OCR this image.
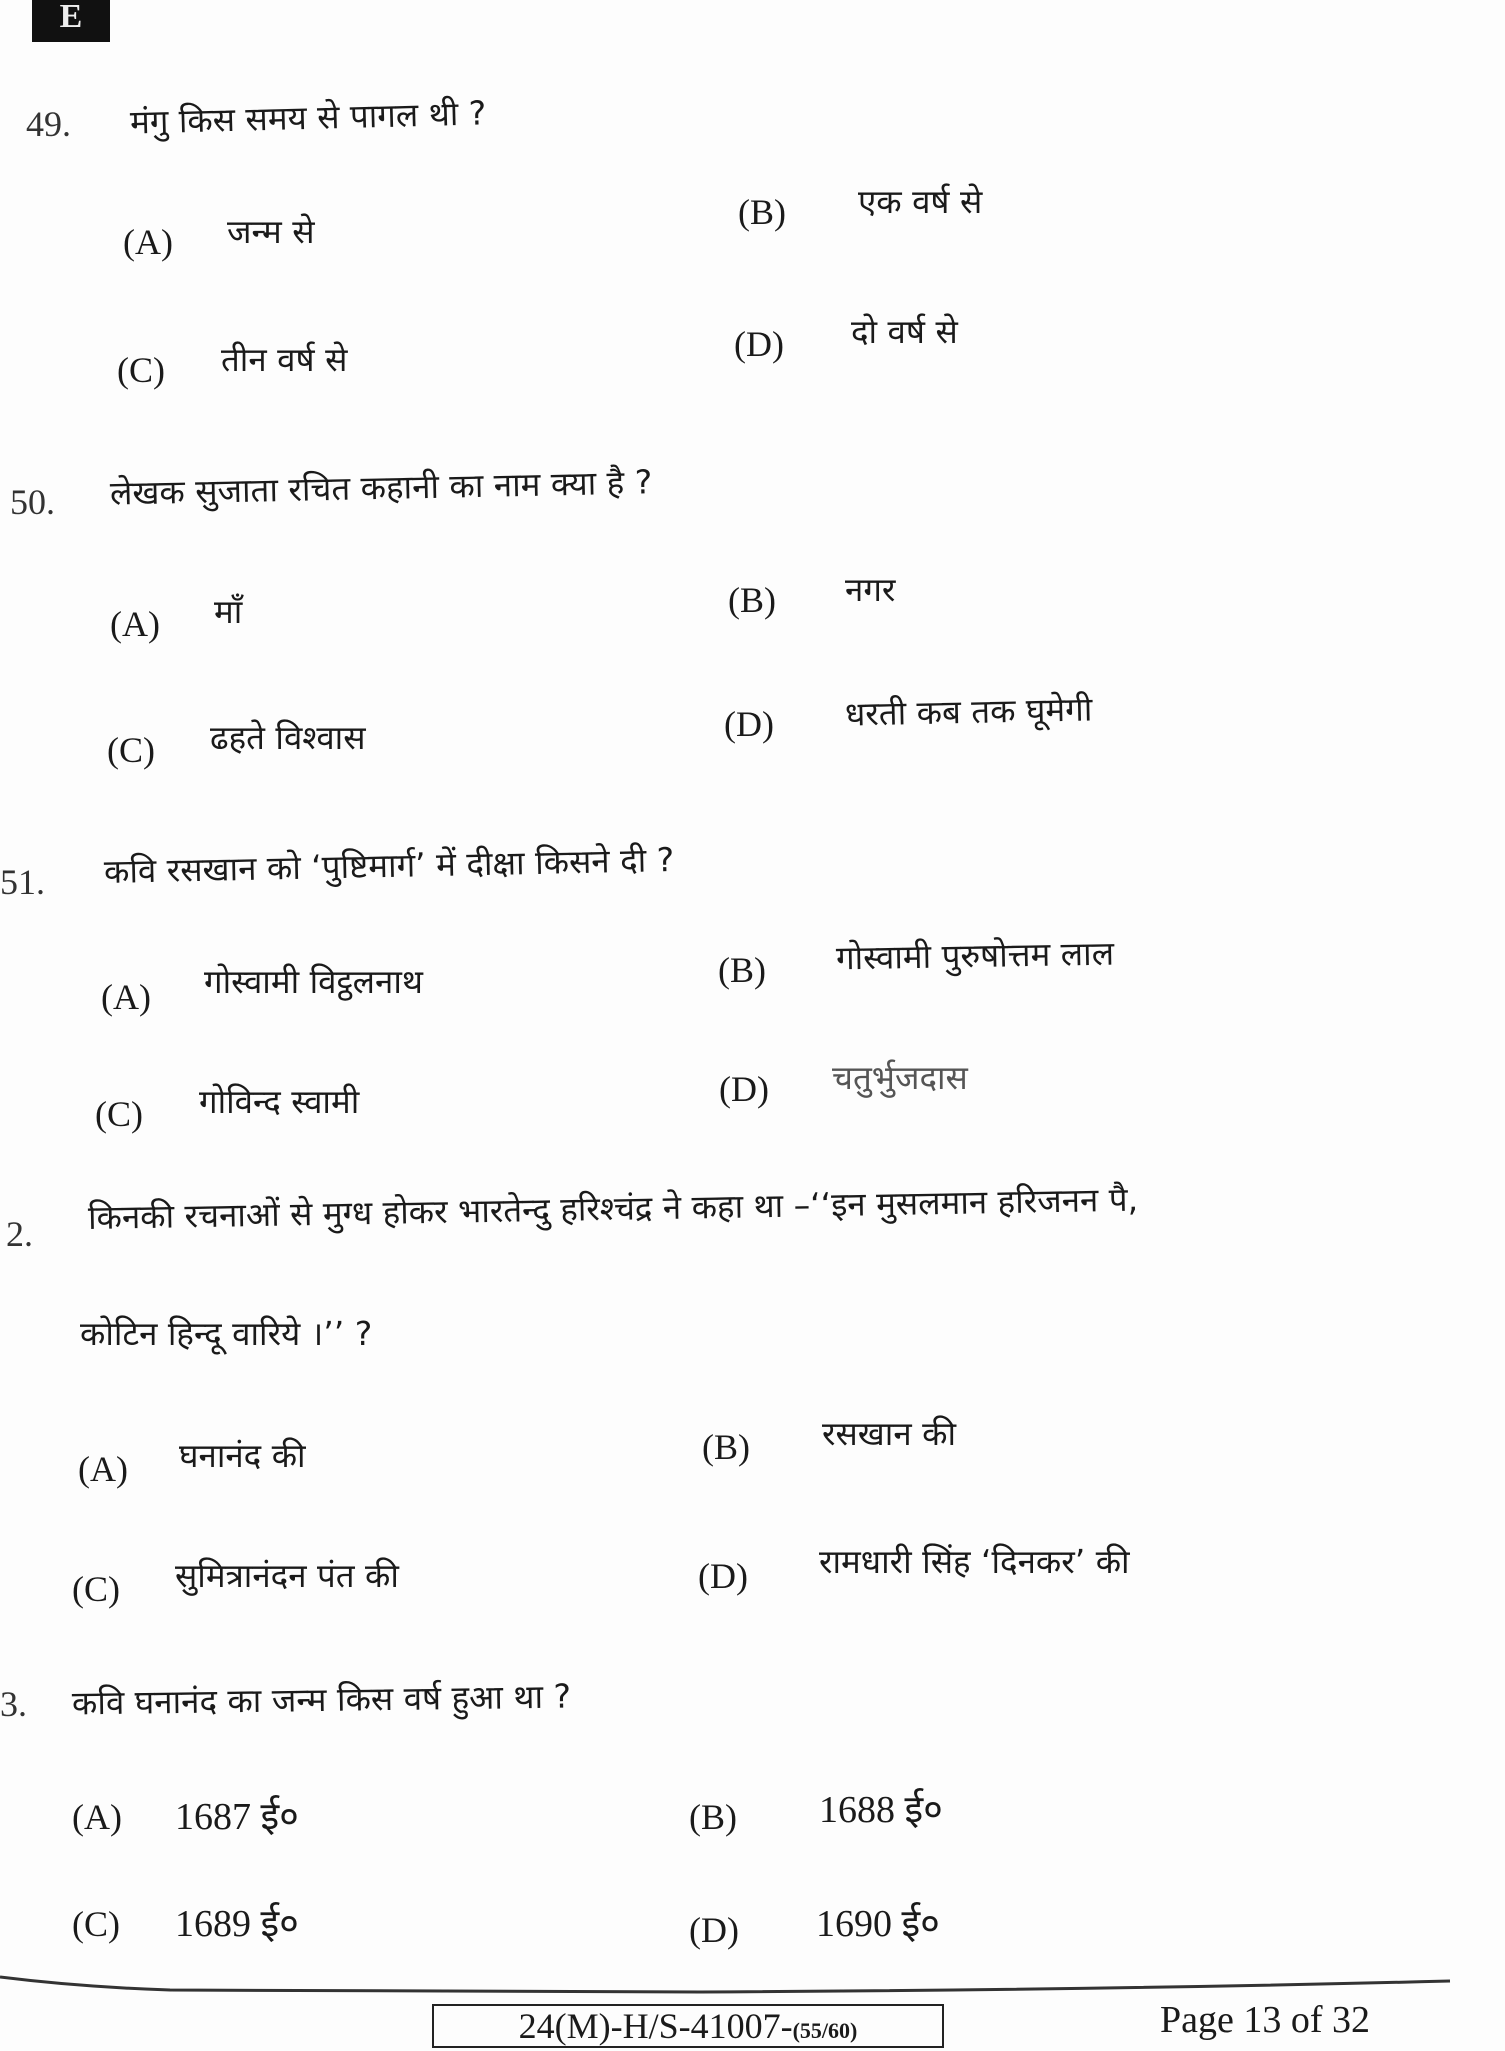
E
49. मंगु किस समय से पागल थी ?
(A) जन्म से	(B) एक वर्ष से
(C) तीन वर्ष से	(D) दो वर्ष से
50. लेखक सुजाता रचित कहानी का नाम क्या है ?
(A) माँ	(B) नगर
(C) ढहते विश्वास	(D) धरती कब तक घूमेगी
51. कवि रसखान को ‘पुष्टिमार्ग’ में दीक्षा किसने दी ?
(A) गोस्वामी विट्ठलनाथ	(B) गोस्वामी पुरुषोत्तम लाल
(C) गोविन्द स्वामी	(D) चतुर्भुजदास
2. किनकी रचनाओं से मुग्ध होकर भारतेन्दु हरिश्चंद्र ने कहा था –‘‘इन मुसलमान हरिजनन पै,
कोटिन हिन्दू वारिये ।’’ ?
(A) घनानंद की	(B) रसखान की
(C) सुमित्रानंदन पंत की	(D) रामधारी सिंह ‘दिनकर’ की
3. कवि घनानंद का जन्म किस वर्ष हुआ था ?
(A) 1687 ई०	(B) 1688 ई०
(C) 1689 ई०	(D) 1690 ई०
24(M)-H/S-41007-(55/60)	Page 13 of 32
